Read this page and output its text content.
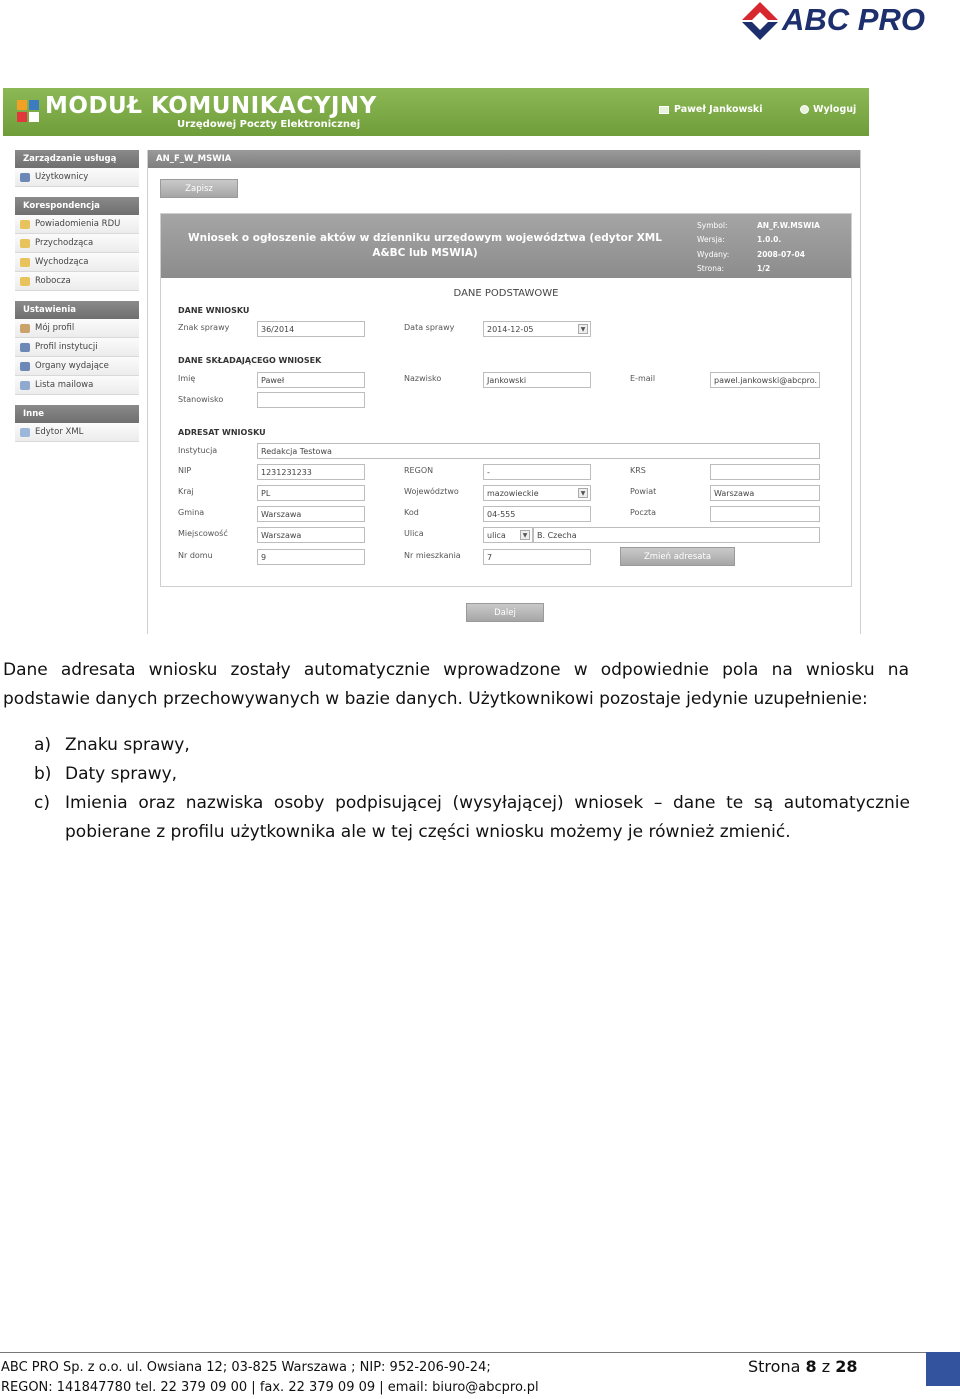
ABC PRO
MODUŁ KOMUNIKACYJNY
Urzędowej Poczty Elektronicznej
Paweł Jankowski	Wyloguj
Zarządzanie usługą
Użytkownicy
Korespondencja
Powiadomienia RDU
Przychodząca
Wychodząca
Robocza
Ustawienia
Mój profil
Profil instytucji
Organy wydające
Lista mailowa
Inne
Edytor XML
AN_F_W_MSWIA
Zapisz
Wniosek o ogłoszenie aktów w dzienniku urzędowym województwa (edytor XML A&BC lub MSWIA)
Symbol:	AN_F.W.MSWIA
Wersja:	1.0.0.
Wydany:	2008-07-04
Strona:	1/2
DANE PODSTAWOWE
DANE WNIOSKU
Znak sprawy	36/2014	Data sprawy	2014-12-05	▼
DANE SKŁADAJĄCEGO WNIOSEK
Imię	Paweł	Nazwisko	Jankowski	E-mail	pawel.jankowski@abcpro.
Stanowisko
ADRESAT WNIOSKU
Instytucja	Redakcja Testowa
NIP	1231231233	REGON	-	KRS
Kraj	PL	Województwo	mazowieckie	▼	Powiat	Warszawa
Gmina	Warszawa	Kod	04-555	Poczta
Miejscowość	Warszawa	Ulica	ulica	▼	B. Czecha
Nr domu	9	Nr mieszkania	7	Zmień adresata
Dalej
Dane adresata wniosku zostały automatycznie wprowadzone w odpowiednie pola na wniosku na podstawie danych przechowywanych w bazie danych. Użytkownikowi pozostaje jedynie uzupełnienie:
a) Znaku sprawy,
b) Daty sprawy,
c) Imienia oraz nazwiska osoby podpisującej (wysyłającej) wniosek – dane te są automatycznie pobierane z profilu użytkownika ale w tej części wniosku możemy je również zmienić.
ABC PRO Sp. z o.o. ul. Owsiana 12; 03-825 Warszawa ; NIP: 952-206-90-24;
REGON: 141847780 tel. 22 379 09 00 | fax. 22 379 09 09 | email: biuro@abcpro.pl
Strona 8 z 28
